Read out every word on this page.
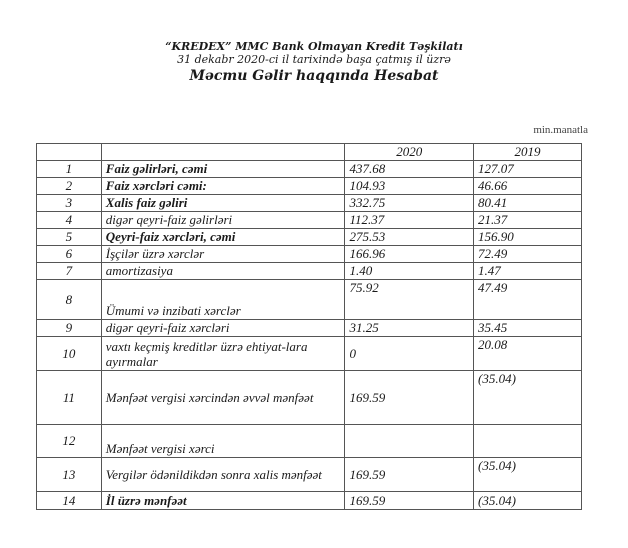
“KREDEX” MMC Bank Olmayan Kredit Təşkilatı
31 dekabr 2020-ci il tarixində başa çatmış il üzrə
Məcmu Gəlir haqqında Hesabat
min.manatla
		2020	2019
1	Faiz gəlirləri, cəmi	437.68	127.07
2	Faiz xərcləri cəmi:	104.93	46.66
3	Xalis faiz gəliri	332.75	80.41
4	digər qeyri-faiz gəlirləri	112.37	21.37
5	Qeyri-faiz xərcləri, cəmi	275.53	156.90
6	İşçilər üzrə xərclər	166.96	72.49
7	amortizasiya	1.40	1.47
8	Ümumi və inzibati xərclər	75.92	47.49
9	digər qeyri-faiz xərcləri	31.25	35.45
10	vaxtı keçmiş kreditlər üzrə ehtiyat-lara ayırmalar	0	20.08
11	Mənfəət vergisi xərcindən əvvəl mənfəət	169.59	(35.04)
12	Mənfəət vergisi xərci		
13	Vergilər ödənildikdən sonra xalis mənfəət	169.59	(35.04)
14	İl üzrə mənfəət	169.59	(35.04)
